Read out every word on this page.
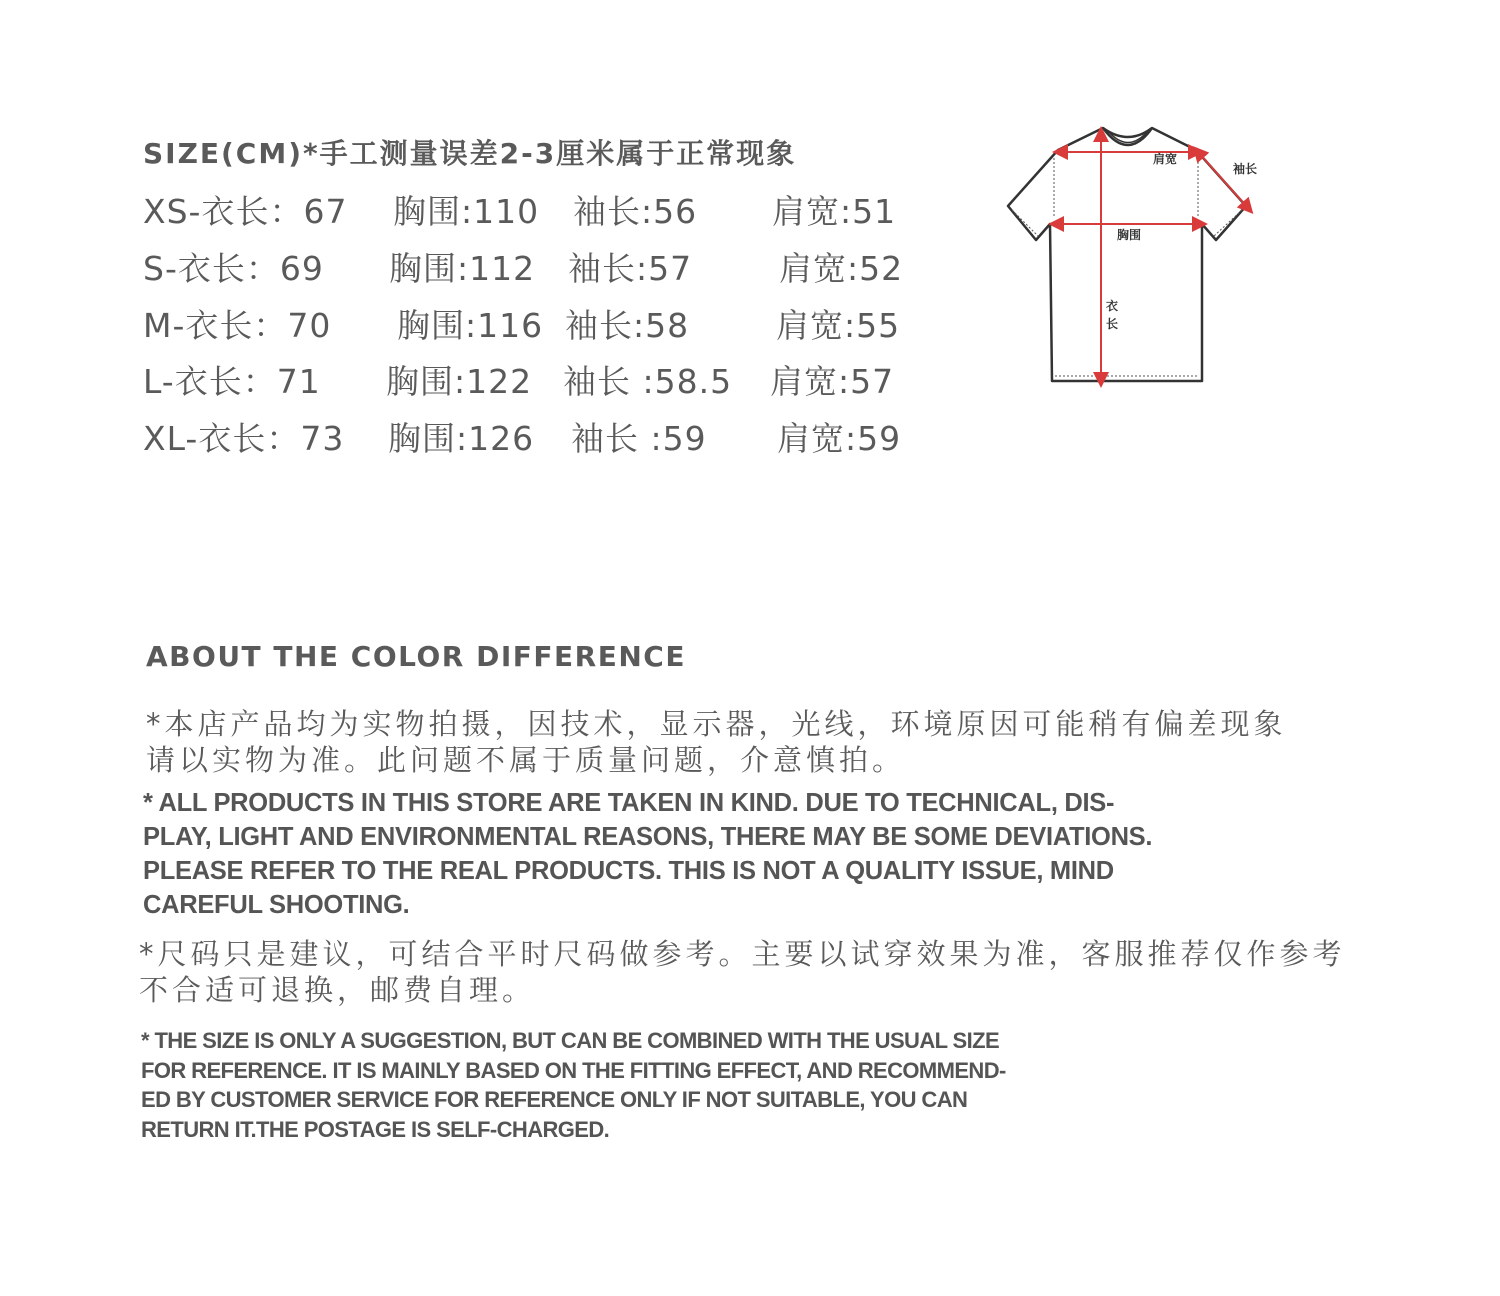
SIZE(CM)*手工测量误差2-3厘米属于正常现象
XS-衣长：67 胸围:110 袖长:56 肩宽:51
S-衣长：69 胸围:112 袖长:57	肩宽:52
M-衣长：70 胸围:116 袖长:58	肩宽:55
L-衣长：71 胸围:122 袖长 :58.5 肩宽:57
XL-衣长：73 胸围:126 袖长 :59 肩宽:59
肩宽
袖长
胸围
衣
长
ABOUT THE COLOR DIFFERENCE
*本店产品均为实物拍摄，因技术，显示器，光线，环境原因可能稍有偏差现象
请以实物为准。此问题不属于质量问题，介意慎拍。
* ALL PRODUCTS IN THIS STORE ARE TAKEN IN KIND. DUE TO TECHNICAL, DIS-
PLAY, LIGHT AND ENVIRONMENTAL REASONS, THERE MAY BE SOME DEVIATIONS.
PLEASE REFER TO THE REAL PRODUCTS. THIS IS NOT A QUALITY ISSUE, MIND
CAREFUL SHOOTING.
*尺码只是建议，可结合平时尺码做参考。主要以试穿效果为准，客服推荐仅作参考
不合适可退换，邮费自理。
* THE SIZE IS ONLY A SUGGESTION, BUT CAN BE COMBINED WITH THE USUAL SIZE
FOR REFERENCE. IT IS MAINLY BASED ON THE FITTING EFFECT, AND RECOMMEND-
ED BY CUSTOMER SERVICE FOR REFERENCE ONLY IF NOT SUITABLE, YOU CAN
RETURN IT.THE POSTAGE IS SELF-CHARGED.
